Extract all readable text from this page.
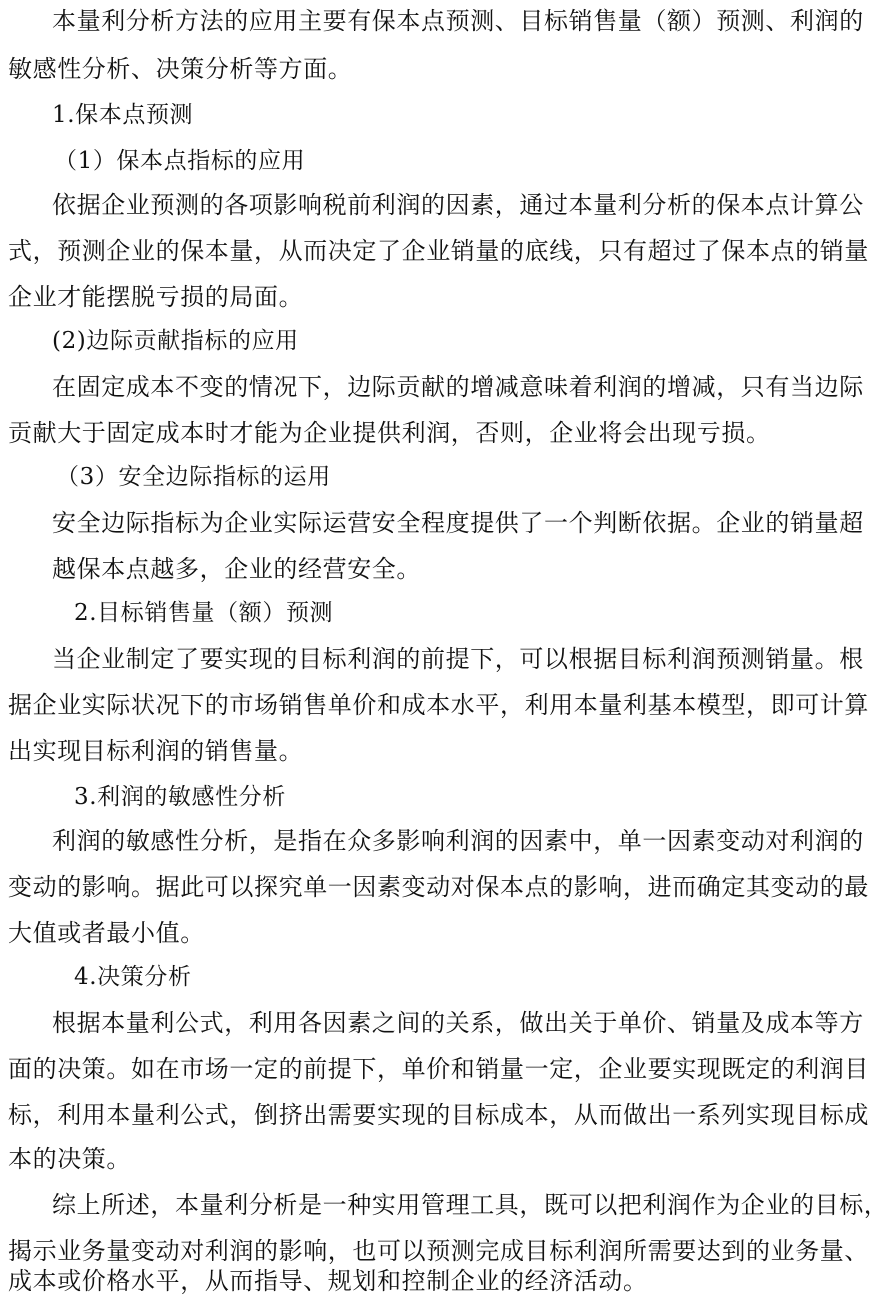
本量利分析方法的应用主要有保本点预测、目标销售量（额）预测、利润的
敏感性分析、决策分析等方面。
1.保本点预测
（1）保本点指标的应用
依据企业预测的各项影响税前利润的因素，通过本量利分析的保本点计算公
式，预测企业的保本量，从而决定了企业销量的底线，只有超过了保本点的销量
企业才能摆脱亏损的局面。
(2)边际贡献指标的应用
在固定成本不变的情况下，边际贡献的增减意味着利润的增减，只有当边际
贡献大于固定成本时才能为企业提供利润，否则，企业将会出现亏损。
（3）安全边际指标的运用
安全边际指标为企业实际运营安全程度提供了一个判断依据。企业的销量超
越保本点越多，企业的经营安全。
2.目标销售量（额）预测
当企业制定了要实现的目标利润的前提下，可以根据目标利润预测销量。根
据企业实际状况下的市场销售单价和成本水平，利用本量利基本模型，即可计算
出实现目标利润的销售量。
3.利润的敏感性分析
利润的敏感性分析，是指在众多影响利润的因素中，单一因素变动对利润的
变动的影响。据此可以探究单一因素变动对保本点的影响，进而确定其变动的最
大值或者最小值。
4.决策分析
根据本量利公式，利用各因素之间的关系，做出关于单价、销量及成本等方
面的决策。如在市场一定的前提下，单价和销量一定，企业要实现既定的利润目
标，利用本量利公式，倒挤出需要实现的目标成本，从而做出一系列实现目标成
本的决策。
综上所述，本量利分析是一种实用管理工具，既可以把利润作为企业的目标，
揭示业务量变动对利润的影响，也可以预测完成目标利润所需要达到的业务量、
成本或价格水平，从而指导、规划和控制企业的经济活动。
